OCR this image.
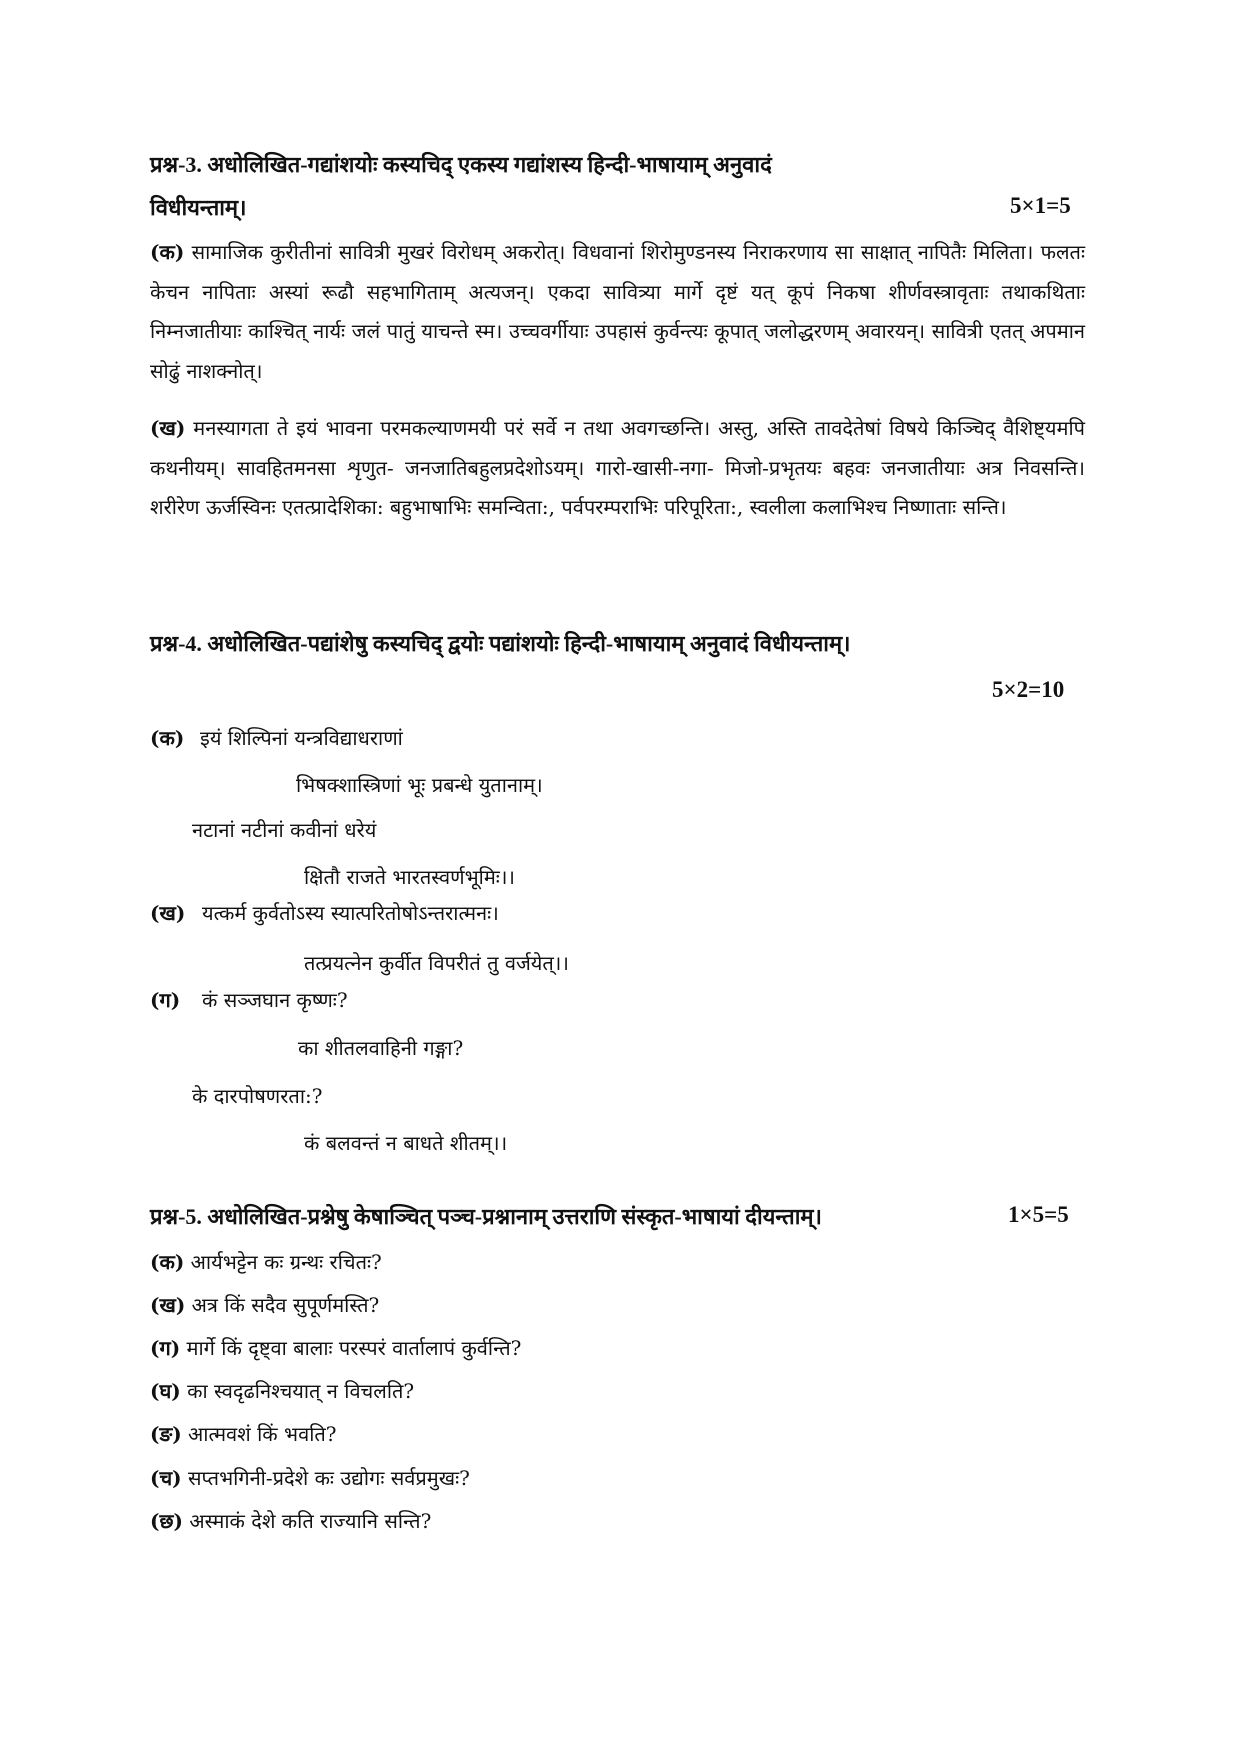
प्रश्न-3. अधोलिखित-गद्यांशयोः कस्यचिद् एकस्य गद्यांशस्य हिन्दी-भाषायाम् अनुवादं
विधीयन्ताम्।	5×1=5
(क) सामाजिक कुरीतीनां सावित्री मुखरं विरोधम् अकरोत्। विधवानां शिरोमुण्डनस्य निराकरणाय सा साक्षात् नापितैः मिलिता। फलतः केचन नापिताः अस्यां रूढौ सहभागिताम् अत्यजन्। एकदा सावित्र्या मार्गे दृष्टं यत् कूपं निकषा शीर्णवस्त्रावृताः तथाकथिताः निम्नजातीयाः काश्चित् नार्यः जलं पातुं याचन्ते स्म। उच्चवर्गीयाः उपहासं कुर्वन्त्यः कूपात् जलोद्धरणम् अवारयन्। सावित्री एतत् अपमान सोढुं नाशक्नोत्।
(ख) मनस्यागता ते इयं भावना परमकल्याणमयी परं सर्वे न तथा अवगच्छन्ति। अस्तु, अस्ति तावदेतेषां विषये किञ्चिद् वैशिष्ट्यमपि कथनीयम्। सावहितमनसा शृणुत- जनजातिबहुलप्रदेशोऽयम्। गारो-खासी-नगा- मिजो-प्रभृतयः बहवः जनजातीयाः अत्र निवसन्ति। शरीरेण ऊर्जस्विनः एतत्प्रादेशिका: बहुभाषाभिः समन्विता:, पर्वपरम्पराभिः परिपूरिता:, स्वलीला कलाभिश्च निष्णाताः सन्ति।
प्रश्न-4. अधोलिखित-पद्यांशेषु कस्यचिद् द्वयोः पद्यांशयोः हिन्दी-भाषायाम् अनुवादं विधीयन्ताम्।
5×2=10
(क) इयं शिल्पिनां यन्त्रविद्याधराणां
भिषक्शास्त्रिणां भूः प्रबन्धे युतानाम्।
नटानां नटीनां कवीनां धरेयं
क्षितौ राजते भारतस्वर्णभूमिः।।
(ख) यत्कर्म कुर्वतोऽस्य स्यात्परितोषोऽन्तरात्मनः।
तत्प्रयत्नेन कुर्वीत विपरीतं तु वर्जयेत्।।
(ग) कं सञ्जघान कृष्णः?
का शीतलवाहिनी गङ्गा?
के दारपोषणरता:?
कं बलवन्तं न बाधते शीतम्।।
प्रश्न-5. अधोलिखित-प्रश्नेषु केषाञ्चित् पञ्च-प्रश्नानाम् उत्तराणि संस्कृत-भाषायां दीयन्ताम्।	1×5=5
(क) आर्यभट्टेन कः ग्रन्थः रचितः?
(ख) अत्र किं सदैव सुपूर्णमस्ति?
(ग) मार्गे किं दृष्ट्वा बालाः परस्परं वार्तालापं कुर्वन्ति?
(घ) का स्वदृढनिश्चयात् न विचलति?
(ङ) आत्मवशं किं भवति?
(च) सप्तभगिनी-प्रदेशे कः उद्योगः सर्वप्रमुखः?
(छ) अस्माकं देशे कति राज्यानि सन्ति?
